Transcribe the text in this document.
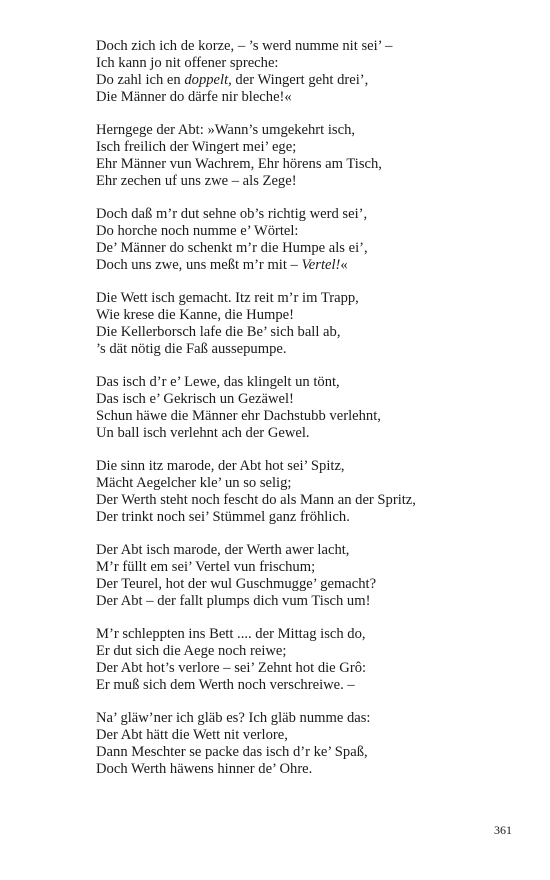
Doch zich ich de korze, – ’s werd numme nit sei’ –
Ich kann jo nit offener spreche:
Do zahl ich en doppelt, der Wingert geht drei’,
Die Männer do därfe nir bleche!«
Herngege der Abt: »Wann’s umgekehrt isch,
Isch freilich der Wingert mei’ ege;
Ehr Männer vun Wachrem, Ehr hörens am Tisch,
Ehr zechen uf uns zwe – als Zege!
Doch daß m’r dut sehne ob’s richtig werd sei’,
Do horche noch numme e’ Wörtel:
De’ Männer do schenkt m’r die Humpe als ei’,
Doch uns zwe, uns meßt m’r mit – Vertel!«
Die Wett isch gemacht. Itz reit m’r im Trapp,
Wie krese die Kanne, die Humpe!
Die Kellerborsch lafe die Be’ sich ball ab,
’s dät nötig die Faß aussepumpe.
Das isch d’r e’ Lewe, das klingelt un tönt,
Das isch e’ Gekrisch un Gezäwel!
Schun häwe die Männer ehr Dachstubb verlehnt,
Un ball isch verlehnt ach der Gewel.
Die sinn itz marode, der Abt hot sei’ Spitz,
Mächt Aegelcher kle’ un so selig;
Der Werth steht noch fescht do als Mann an der Spritz,
Der trinkt noch sei’ Stümmel ganz fröhlich.
Der Abt isch marode, der Werth awer lacht,
M’r füllt em sei’ Vertel vun frischum;
Der Teurel, hot der wul Guschmugge’ gemacht?
Der Abt – der fallt plumps dich vum Tisch um!
M’r schleppten ins Bett .... der Mittag isch do,
Er dut sich die Aege noch reiwe;
Der Abt hot’s verlore – sei’ Zehnt hot die Grô:
Er muß sich dem Werth noch verschreiwe. –
Na’ gläw’ner ich gläb es? Ich gläb numme das:
Der Abt hätt die Wett nit verlore,
Dann Meschter se packe das isch d’r ke’ Spaß,
Doch Werth häwens hinner de’ Ohre.
361
